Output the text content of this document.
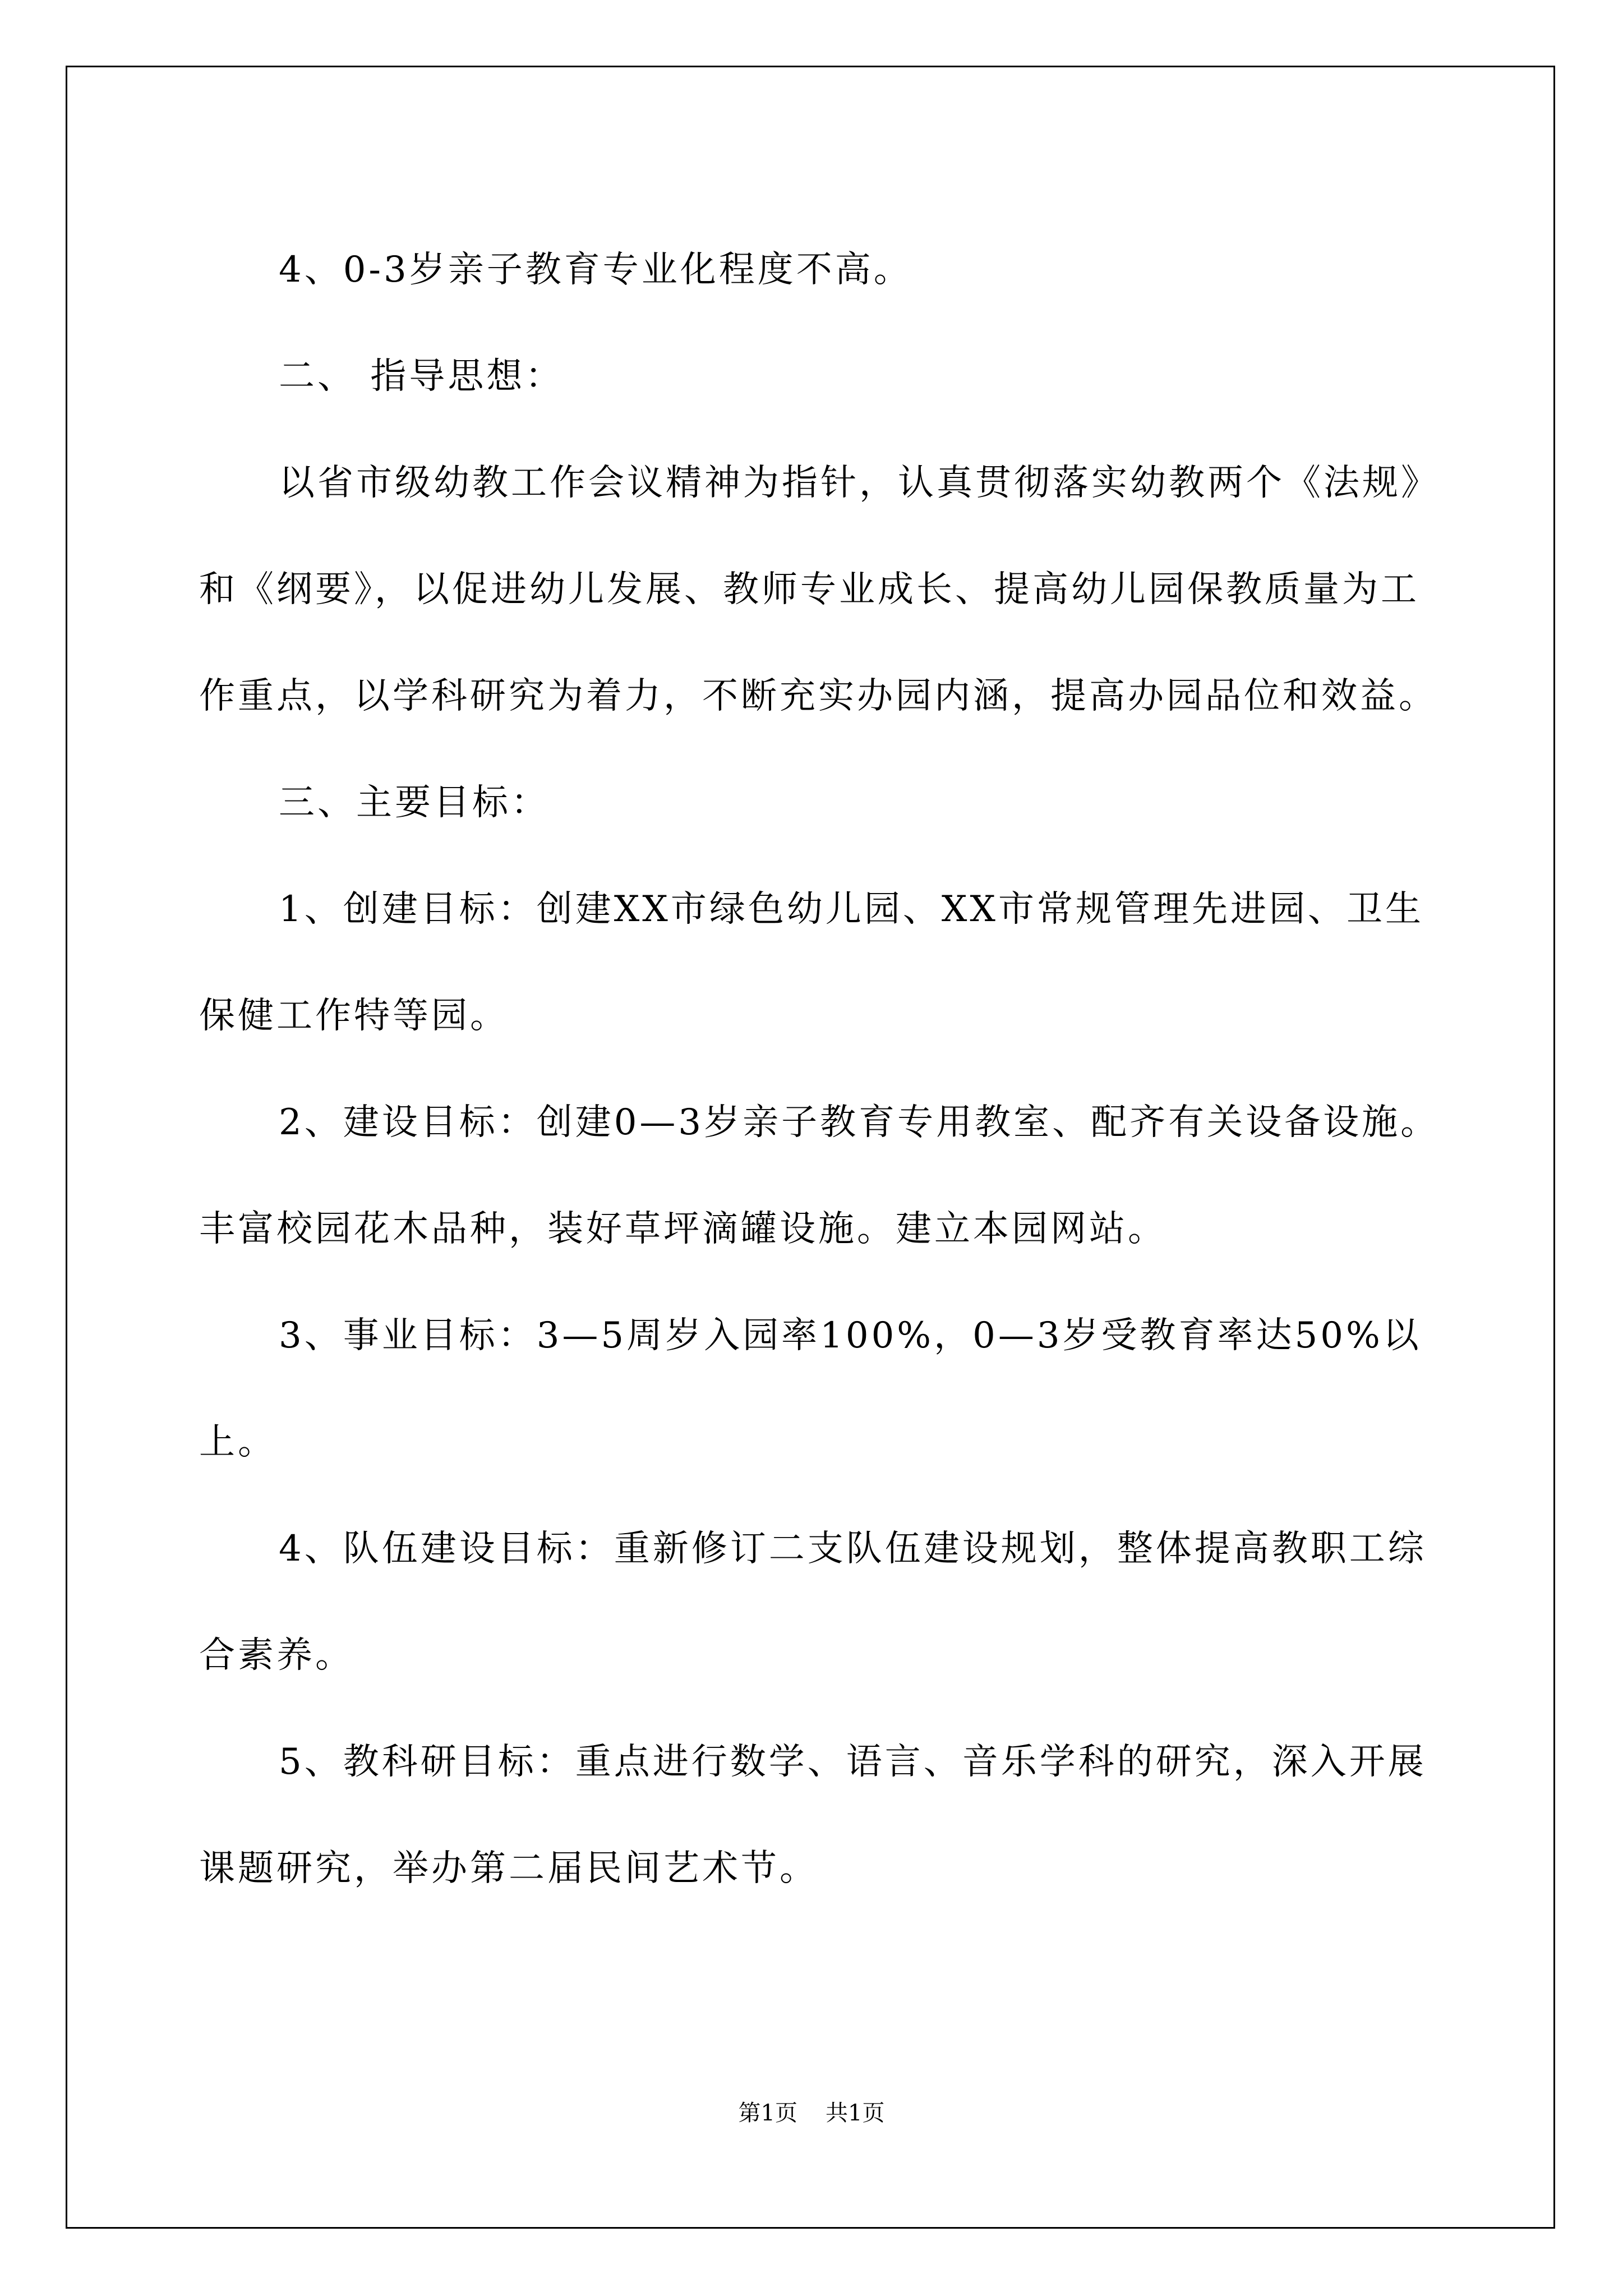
4、0-3岁亲子教育专业化程度不高。

二、 指导思想：

以省市级幼教工作会议精神为指针，认真贯彻落实幼教两个《法规》和《纲要》，以促进幼儿发展、教师专业成长、提高幼儿园保教质量为工作重点，以学科研究为着力，不断充实办园内涵，提高办园品位和效益。

三、主要目标：

1、创建目标：创建XX市绿色幼儿园、XX市常规管理先进园、卫生保健工作特等园。

2、建设目标：创建0—3岁亲子教育专用教室、配齐有关设备设施。丰富校园花木品种，装好草坪滴罐设施。建立本园网站。

3、事业目标：3—5周岁入园率100%，0—3岁受教育率达50%以上。

4、队伍建设目标：重新修订二支队伍建设规划，整体提高教职工综合素养。

5、教科研目标：重点进行数学、语言、音乐学科的研究，深入开展课题研究，举办第二届民间艺术节。

第1页 共1页
